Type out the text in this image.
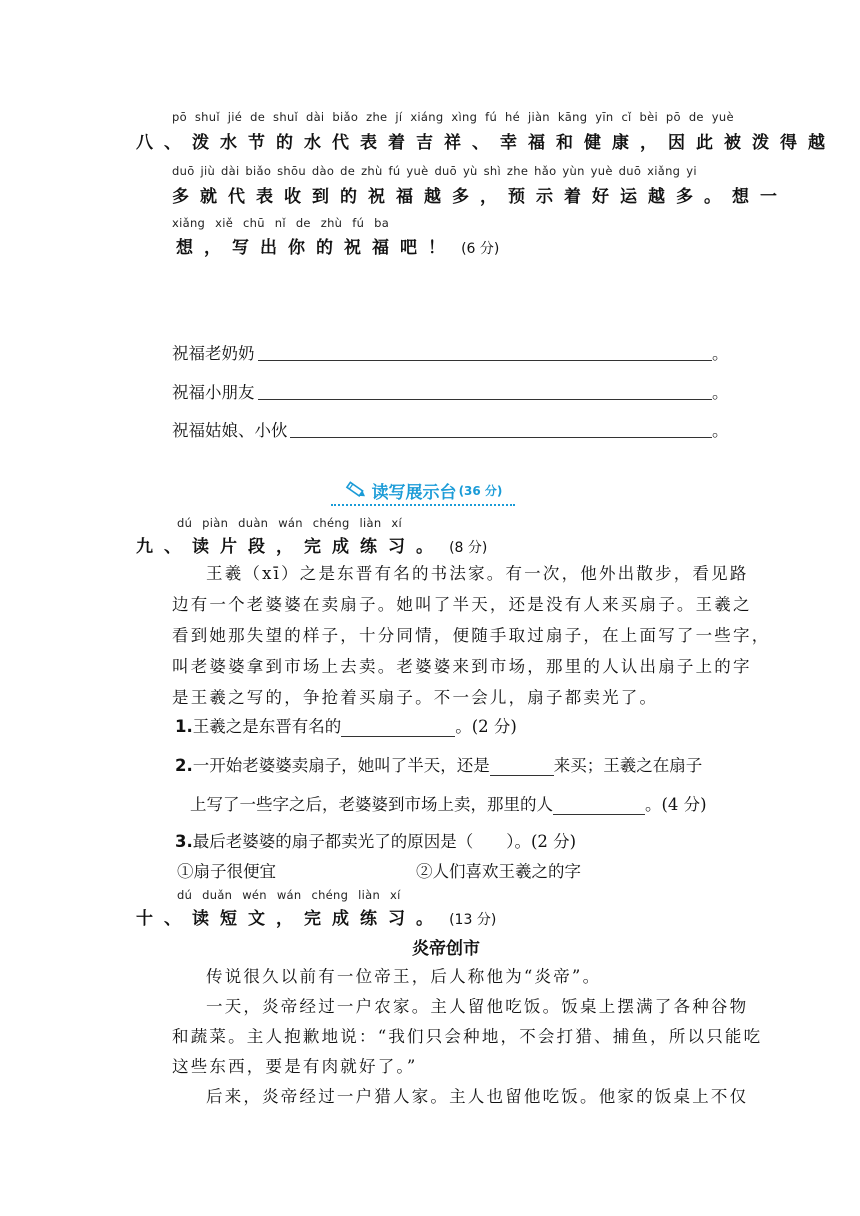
pō shuǐ jié de shuǐ dài biǎo zhe jí xiáng xìng fú hé jiàn kāng yīn cǐ bèi pō de yuè
八、泼水节的水代表着吉祥、幸福和健康，因此被泼得越
duō jiù dài biǎo shōu dào de zhù fú yuè duō yù shì zhe hǎo yùn yuè duō xiǎng yi
多就代表收到的祝福越多，预示着好运越多。想一
xiǎng xiě chū nǐ de zhù fú ba
想，写出你的祝福吧！ (6 分)
祝福老奶奶	。
祝福小朋友	。
祝福姑娘、小伙	。
读写展示台 (36 分)
dú piàn duàn wán chéng liàn xí
九、读片段，完成练习。 (8 分)
王羲（xī）之是东晋有名的书法家。有一次，他外出散步，看见路
边有一个老婆婆在卖扇子。她叫了半天，还是没有人来买扇子。王羲之
看到她那失望的样子，十分同情，便随手取过扇子，在上面写了一些字，
叫老婆婆拿到市场上去卖。老婆婆来到市场，那里的人认出扇子上的字
是王羲之写的，争抢着买扇子。不一会儿，扇子都卖光了。
1.王羲之是东晋有名的	。(2 分)
2.一开始老婆婆卖扇子，她叫了半天，还是	来买；王羲之在扇子
上写了一些字之后，老婆婆到市场上卖，那里的人	。(4 分)
3.最后老婆婆的扇子都卖光了的原因是（　　）。(2 分)
①扇子很便宜	②人们喜欢王羲之的字
dú duǎn wén wán chéng liàn xí
十、读短文，完成练习。 (13 分)
炎帝创市
传说很久以前有一位帝王，后人称他为“炎帝”。
一天，炎帝经过一户农家。主人留他吃饭。饭桌上摆满了各种谷物
和蔬菜。主人抱歉地说：“我们只会种地，不会打猎、捕鱼，所以只能吃
这些东西，要是有肉就好了。”
后来，炎帝经过一户猎人家。主人也留他吃饭。他家的饭桌上不仅
